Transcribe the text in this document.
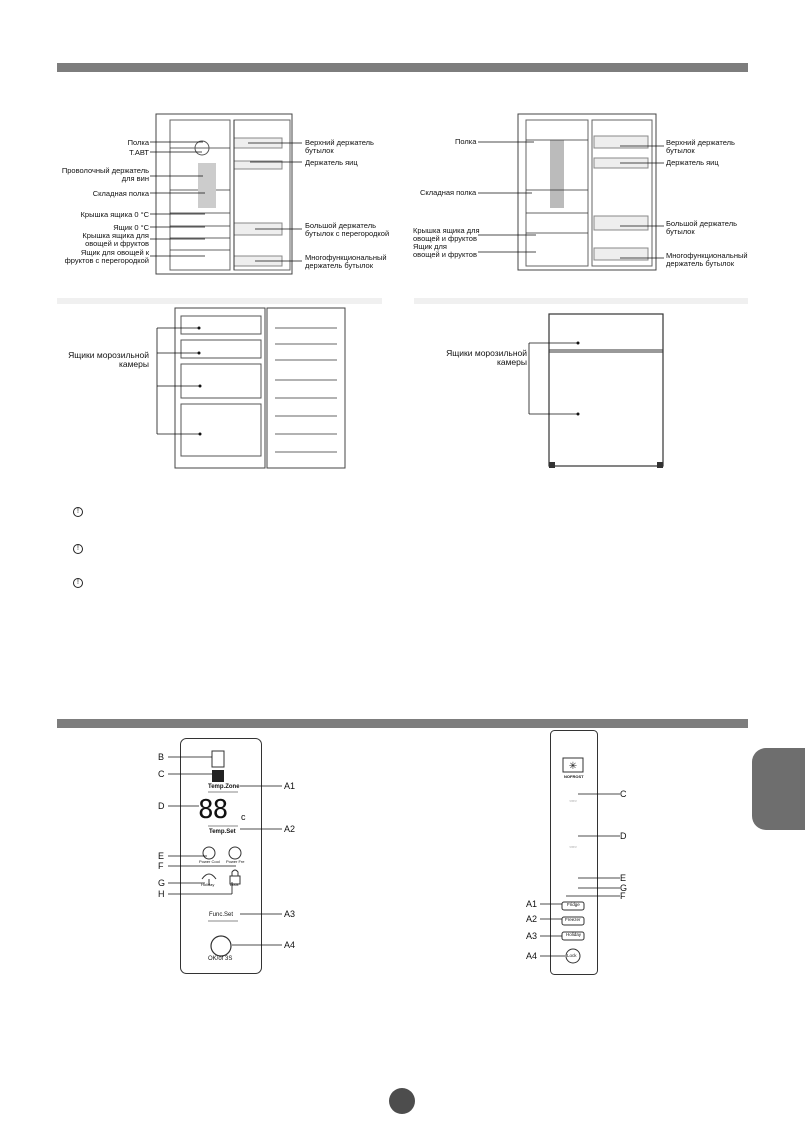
Полка
Т.АВТ
Проволочный держатель
для вин
Складная полка
Крышка ящика 0 °С
Ящик 0 °С
Крышка ящика для
овощей и фруктов
Ящик для овощей к
фруктов с перегородкой
Верхний держатель
бутылок
Держатель яиц
Большой держатель
бутылок с перегородкой
Многофункциональный
держатель бутылок
Полка
Складная полка
Крышка ящика для
овощей и фруктов
Ящик для
овощей и фруктов
Верхний держатель
бутылок
Держатель яиц
Большой держатель
бутылок
Многофункциональный
держатель бутылок
Ящики морозильной
камеры
Ящики морозильной
камеры
!
!
!
Temp.Zone
88 c
Temp.Set
Power Cool Power Fre
Holiday	Lock
Func.Set
OK/of 3S
B
C
D
E
F
G
H
A1
A2
A3
A4
✳
○○○
○○○
NOFROST
Fridge
Freezer
Holiday
Lock
C
D
E
G
F
A1
A2
A3
A4
